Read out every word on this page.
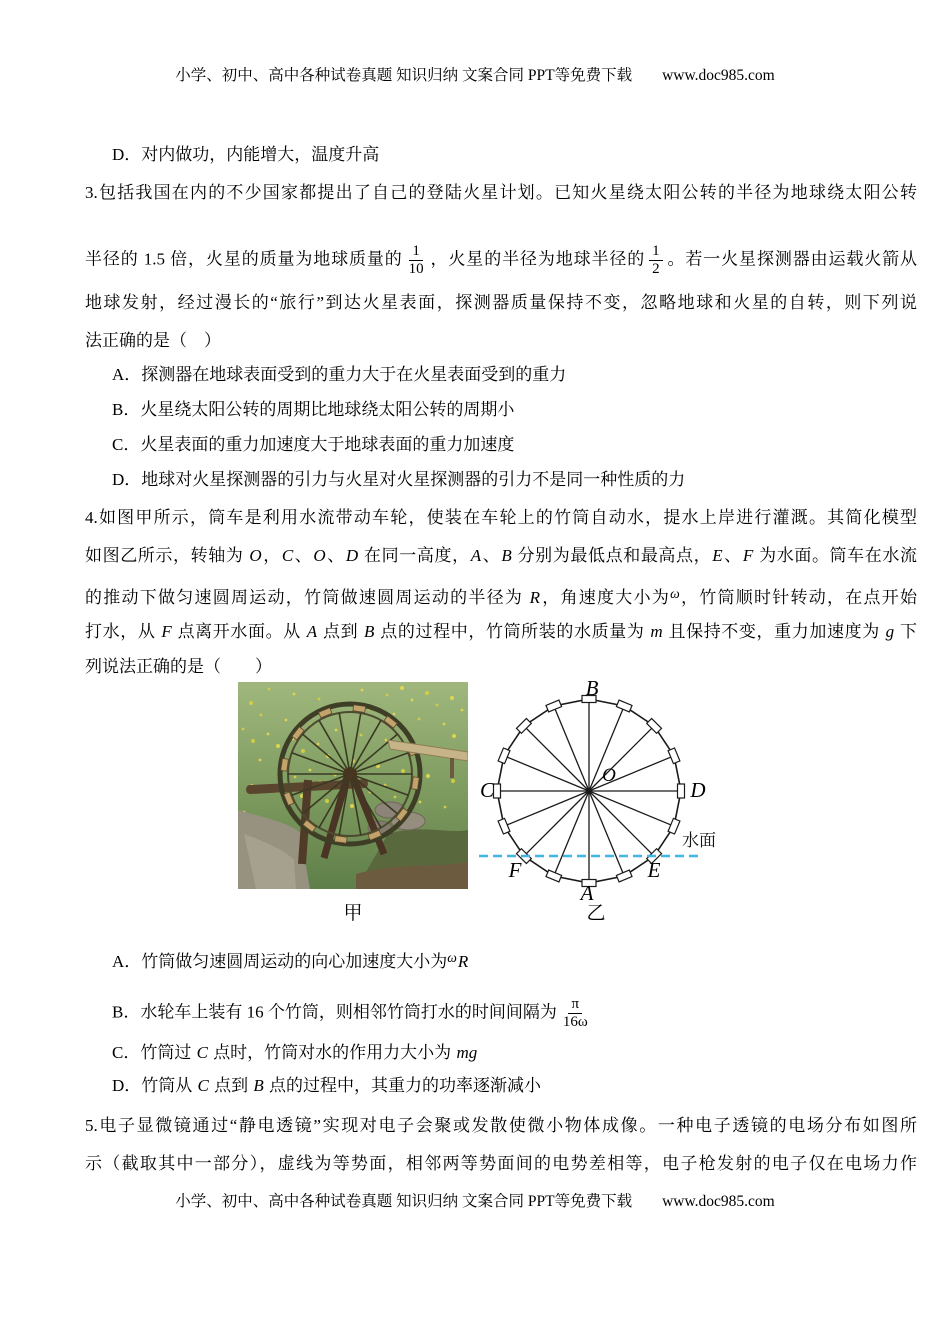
小学、初中、高中各种试卷真题 知识归纳 文案合同 PPT等免费下载 www.doc985.com
D．对内做功，内能增大，温度升高
3.包括我国在内的不少国家都提出了自己的登陆火星计划。已知火星绕太阳公转的半径为地球绕太阳公转
半径的 1.5 倍，火星的质量为地球质量的 $\frac{1}{10}$ ，火星的半径为地球半径的 $\frac{1}{2}$ 。若一火星探测器由运载火箭从
地球发射，经过漫长的“旅行”到达火星表面，探测器质量保持不变，忽略地球和火星的自转，则下列说
法正确的是（　）
A．探测器在地球表面受到的重力大于在火星表面受到的重力
B．火星绕太阳公转的周期比地球绕太阳公转的周期小
C．火星表面的重力加速度大于地球表面的重力加速度
D．地球对火星探测器的引力与火星对火星探测器的引力不是同一种性质的力
4.如图甲所示，筒车是利用水流带动车轮，使装在车轮上的竹筒自动水，提水上岸进行灌溉。其简化模型
如图乙所示，转轴为 O，C、O、D 在同一高度，A、B 分别为最低点和最高点，E、F 为水面。筒车在水流
的推动下做匀速圆周运动，竹筒做速圆周运动的半径为 R，角速度大小为$^\omega$，竹筒顺时针转动，在点开始
打水，从 F 点离开水面。从 A 点到 B 点的过程中，竹筒所装的水质量为 m 且保持不变，重力加速度为 g 下
列说法正确的是（　　）
B
A
C	D
O
F	E
水面
甲	乙
A．竹筒做匀速圆周运动的向心加速度大小为$^\omega$R
B．水轮车上装有 16 个竹筒，则相邻竹筒打水的时间间隔为 $\frac{\pi}{16\omega}$
C．竹筒过 C 点时，竹筒对水的作用力大小为 mg
D．竹筒从 C 点到 B 点的过程中，其重力的功率逐渐减小
5.电子显微镜通过“静电透镜”实现对电子会聚或发散使微小物体成像。一种电子透镜的电场分布如图所
示（截取其中一部分），虚线为等势面，相邻两等势面间的电势差相等，电子枪发射的电子仅在电场力作
小学、初中、高中各种试卷真题 知识归纳 文案合同 PPT等免费下载 www.doc985.com
